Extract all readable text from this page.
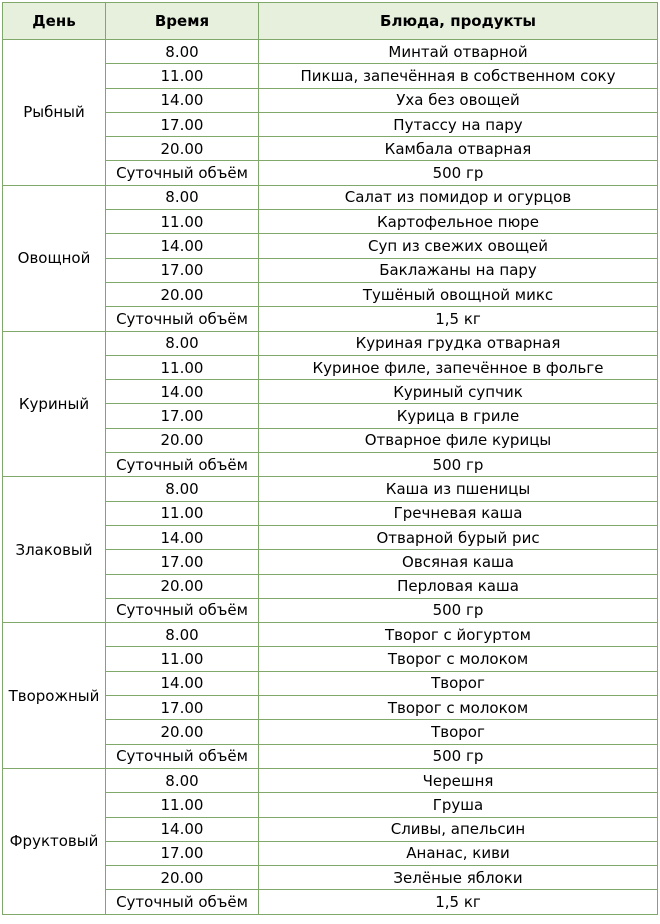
День	Время	Блюда, продукты
Рыбный	8.00	Минтай отварной
	11.00	Пикша, запечённая в собственном соку
	14.00	Уха без овощей
	17.00	Путассу на пару
	20.00	Камбала отварная
	Суточный объём	500 гр
Овощной	8.00	Салат из помидор и огурцов
	11.00	Картофельное пюре
	14.00	Суп из свежих овощей
	17.00	Баклажаны на пару
	20.00	Тушёный овощной микс
	Суточный объём	1,5 кг
Куриный	8.00	Куриная грудка отварная
	11.00	Куриное филе, запечённое в фольге
	14.00	Куриный супчик
	17.00	Курица в гриле
	20.00	Отварное филе курицы
	Суточный объём	500 гр
Злаковый	8.00	Каша из пшеницы
	11.00	Гречневая каша
	14.00	Отварной бурый рис
	17.00	Овсяная каша
	20.00	Перловая каша
	Суточный объём	500 гр
Творожный	8.00	Творог с йогуртом
	11.00	Творог с молоком
	14.00	Творог
	17.00	Творог с молоком
	20.00	Творог
	Суточный объём	500 гр
Фруктовый	8.00	Черешня
	11.00	Груша
	14.00	Сливы, апельсин
	17.00	Ананас, киви
	20.00	Зелёные яблоки
	Суточный объём	1,5 кг
